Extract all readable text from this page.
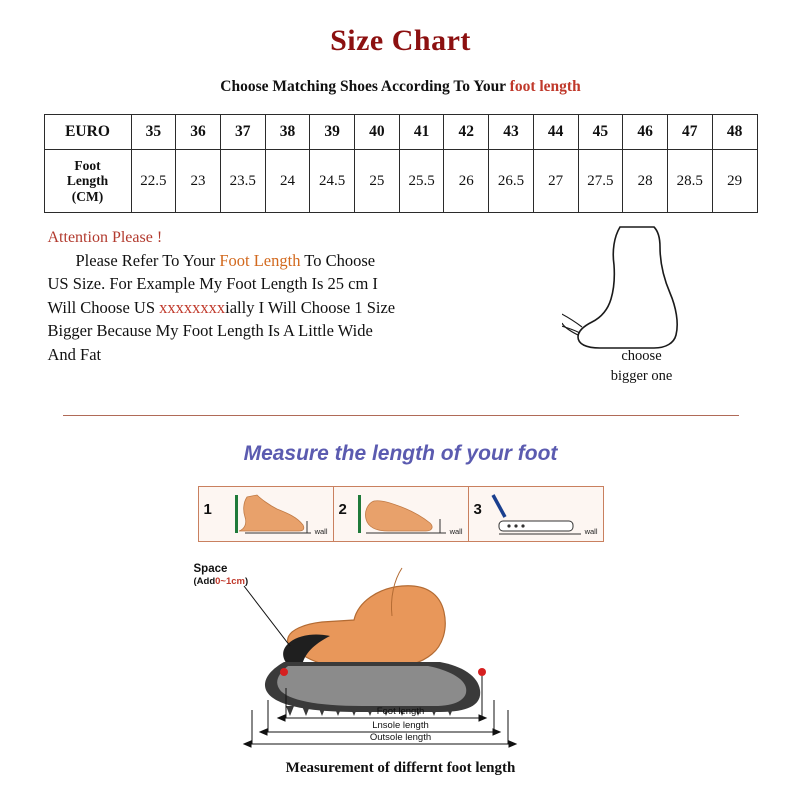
Size Chart
Choose Matching Shoes According To Your foot length
EURO	35	36	37	38	39	40	41	42	43	44	45	46	47	48
Foot
Length
(CM)	22.5	23	23.5	24	24.5	25	25.5	26	26.5	27	27.5	28	28.5	29
Attention Please !
Please Refer To Your Foot Length To Choose
US Size. For Example My Foot Length Is 25 cm I
Will Choose US xxxxxxxxially I Will Choose 1 Size
Bigger Because My Foot Length Is A Little Wide
And Fat	choose
bigger one
Measure the length of your foot
1
wall
2
wall
3
wall
Space
(Add0~1cm)
Foot length
Lnsole length
Outsole length
Measurement of differnt foot length
